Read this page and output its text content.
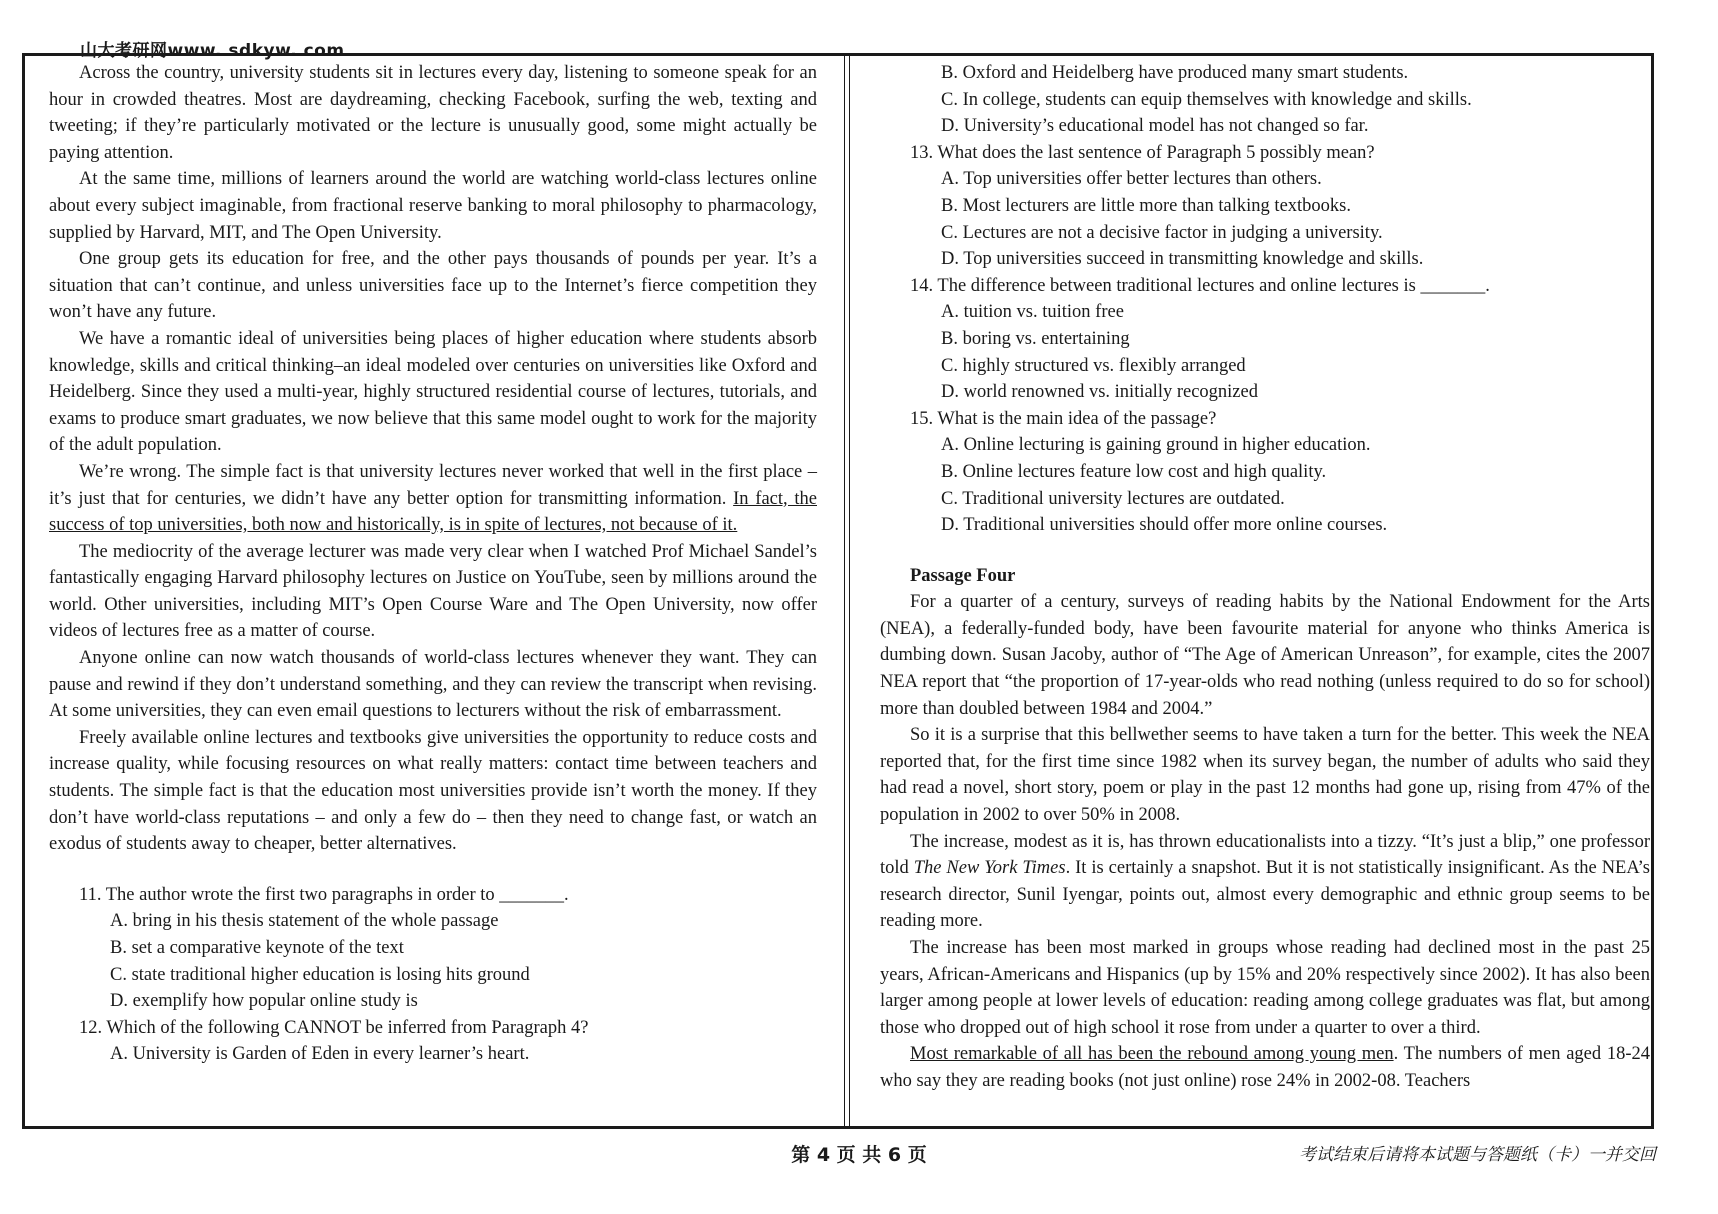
山大考研网www. sdkyw. com

Across the country, university students sit in lectures every day, listening to someone speak for an hour in crowded theatres. Most are daydreaming, checking Facebook, surfing the web, texting and tweeting; if they’re particularly motivated or the lecture is unusually good, some might actually be paying attention.

At the same time, millions of learners around the world are watching world-class lectures online about every subject imaginable, from fractional reserve banking to moral philosophy to pharmacology, supplied by Harvard, MIT, and The Open University.

One group gets its education for free, and the other pays thousands of pounds per year. It’s a situation that can’t continue, and unless universities face up to the Internet’s fierce competition they won’t have any future.

We have a romantic ideal of universities being places of higher education where students absorb knowledge, skills and critical thinking–an ideal modeled over centuries on universities like Oxford and Heidelberg. Since they used a multi-year, highly structured residential course of lectures, tutorials, and exams to produce smart graduates, we now believe that this same model ought to work for the majority of the adult population.

We’re wrong. The simple fact is that university lectures never worked that well in the first place – it’s just that for centuries, we didn’t have any better option for transmitting information. In fact, the success of top universities, both now and historically, is in spite of lectures, not because of it.

The mediocrity of the average lecturer was made very clear when I watched Prof Michael Sandel’s fantastically engaging Harvard philosophy lectures on Justice on YouTube, seen by millions around the world. Other universities, including MIT’s Open Course Ware and The Open University, now offer videos of lectures free as a matter of course.

Anyone online can now watch thousands of world-class lectures whenever they want. They can pause and rewind if they don’t understand something, and they can review the transcript when revising. At some universities, they can even email questions to lecturers without the risk of embarrassment.

Freely available online lectures and textbooks give universities the opportunity to reduce costs and increase quality, while focusing resources on what really matters: contact time between teachers and students. The simple fact is that the education most universities provide isn’t worth the money. If they don’t have world-class reputations – and only a few do – then they need to change fast, or watch an exodus of students away to cheaper, better alternatives.

11. The author wrote the first two paragraphs in order to _______.

A. bring in his thesis statement of the whole passage

B. set a comparative keynote of the text

C. state traditional higher education is losing hits ground

D. exemplify how popular online study is

12. Which of the following CANNOT be inferred from Paragraph 4?

A. University is Garden of Eden in every learner’s heart.

B. Oxford and Heidelberg have produced many smart students.

C. In college, students can equip themselves with knowledge and skills.

D. University’s educational model has not changed so far.

13. What does the last sentence of Paragraph 5 possibly mean?

A. Top universities offer better lectures than others.

B. Most lecturers are little more than talking textbooks.

C. Lectures are not a decisive factor in judging a university.

D. Top universities succeed in transmitting knowledge and skills.

14. The difference between traditional lectures and online lectures is _______.

A. tuition vs. tuition free

B. boring vs. entertaining

C. highly structured vs. flexibly arranged

D. world renowned vs. initially recognized

15. What is the main idea of the passage?

A. Online lecturing is gaining ground in higher education.

B. Online lectures feature low cost and high quality.

C. Traditional university lectures are outdated.

D. Traditional universities should offer more online courses.

Passage Four

For a quarter of a century, surveys of reading habits by the National Endowment for the Arts (NEA), a federally-funded body, have been favourite material for anyone who thinks America is dumbing down. Susan Jacoby, author of “The Age of American Unreason”, for example, cites the 2007 NEA report that “the proportion of 17-year-olds who read nothing (unless required to do so for school) more than doubled between 1984 and 2004.”

So it is a surprise that this bellwether seems to have taken a turn for the better. This week the NEA reported that, for the first time since 1982 when its survey began, the number of adults who said they had read a novel, short story, poem or play in the past 12 months had gone up, rising from 47% of the population in 2002 to over 50% in 2008.

The increase, modest as it is, has thrown educationalists into a tizzy. “It’s just a blip,” one professor told The New York Times. It is certainly a snapshot. But it is not statistically insignificant. As the NEA’s research director, Sunil Iyengar, points out, almost every demographic and ethnic group seems to be reading more.

The increase has been most marked in groups whose reading had declined most in the past 25 years, African-Americans and Hispanics (up by 15% and 20% respectively since 2002). It has also been larger among people at lower levels of education: reading among college graduates was flat, but among those who dropped out of high school it rose from under a quarter to over a third.

Most remarkable of all has been the rebound among young men. The numbers of men aged 18-24 who say they are reading books (not just online) rose 24% in 2002-08. Teachers

第 4 页 共 6 页	考试结束后请将本试题与答题纸（卡）一并交回
